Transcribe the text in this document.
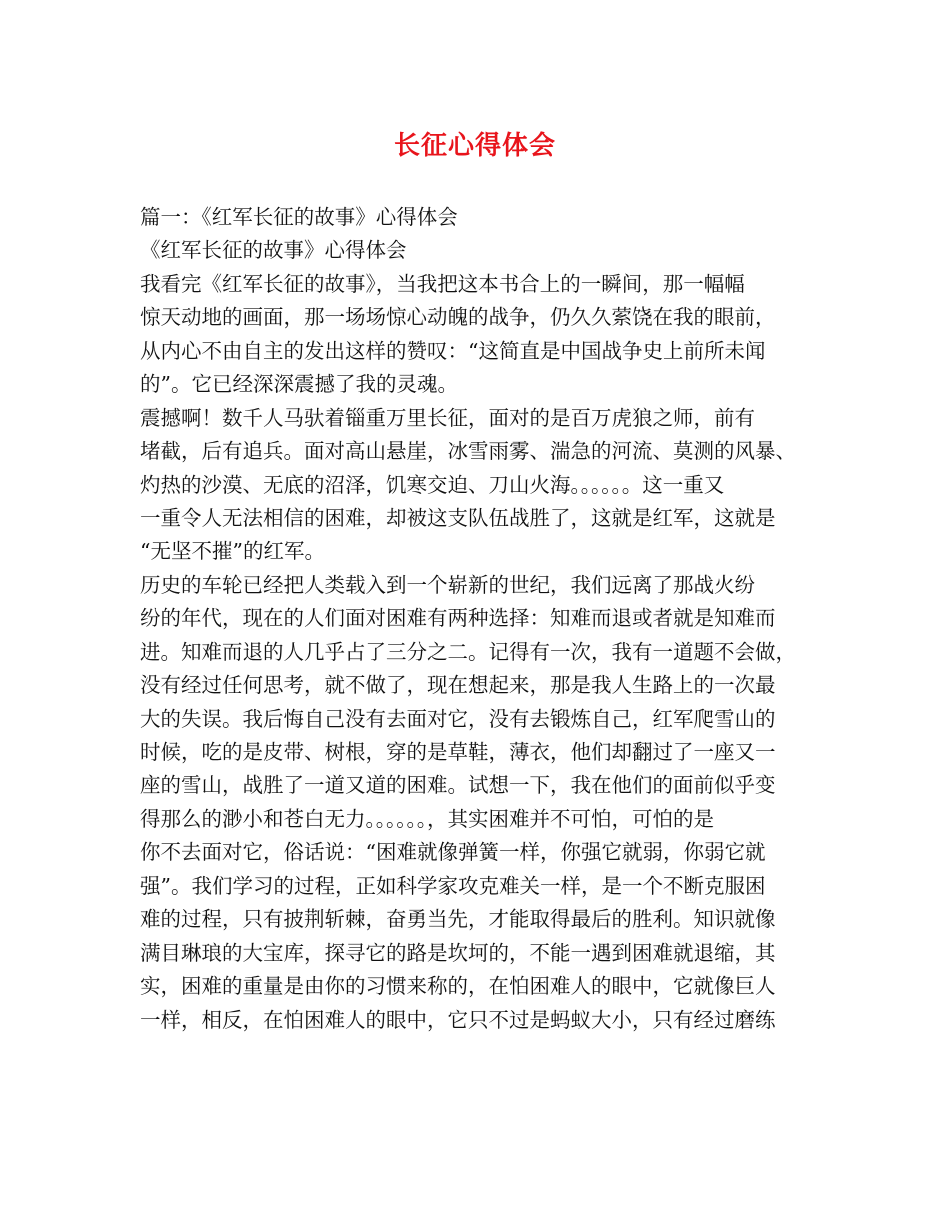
长征心得体会
篇一：《红军长征的故事》心得体会
《红军长征的故事》心得体会
我看完《红军长征的故事》，当我把这本书合上的一瞬间，那一幅幅
惊天动地的画面，那一场场惊心动魄的战争，仍久久萦饶在我的眼前，
从内心不由自主的发出这样的赞叹：“这简直是中国战争史上前所未闻
的”。它已经深深震撼了我的灵魂。
震撼啊！数千人马驮着锱重万里长征，面对的是百万虎狼之师，前有
堵截，后有追兵。面对高山悬崖，冰雪雨雾、湍急的河流、莫测的风暴、
灼热的沙漠、无底的沼泽，饥寒交迫、刀山火海。。。。。。这一重又
一重令人无法相信的困难，却被这支队伍战胜了，这就是红军，这就是
“无坚不摧”的红军。
历史的车轮已经把人类载入到一个崭新的世纪，我们远离了那战火纷
纷的年代，现在的人们面对困难有两种选择：知难而退或者就是知难而
进。知难而退的人几乎占了三分之二。记得有一次，我有一道题不会做，
没有经过任何思考，就不做了，现在想起来，那是我人生路上的一次最
大的失误。我后悔自己没有去面对它，没有去锻炼自己，红军爬雪山的
时候，吃的是皮带、树根，穿的是草鞋，薄衣，他们却翻过了一座又一
座的雪山，战胜了一道又道的困难。试想一下，我在他们的面前似乎变
得那么的渺小和苍白无力。。。。。。，其实困难并不可怕，可怕的是
你不去面对它，俗话说：“困难就像弹簧一样，你强它就弱，你弱它就
强”。我们学习的过程，正如科学家攻克难关一样，是一个不断克服困
难的过程，只有披荆斩棘，奋勇当先，才能取得最后的胜利。知识就像
满目琳琅的大宝库，探寻它的路是坎坷的，不能一遇到困难就退缩，其
实，困难的重量是由你的习惯来称的，在怕困难人的眼中，它就像巨人
一样，相反，在怕困难人的眼中，它只不过是蚂蚁大小，只有经过磨练
